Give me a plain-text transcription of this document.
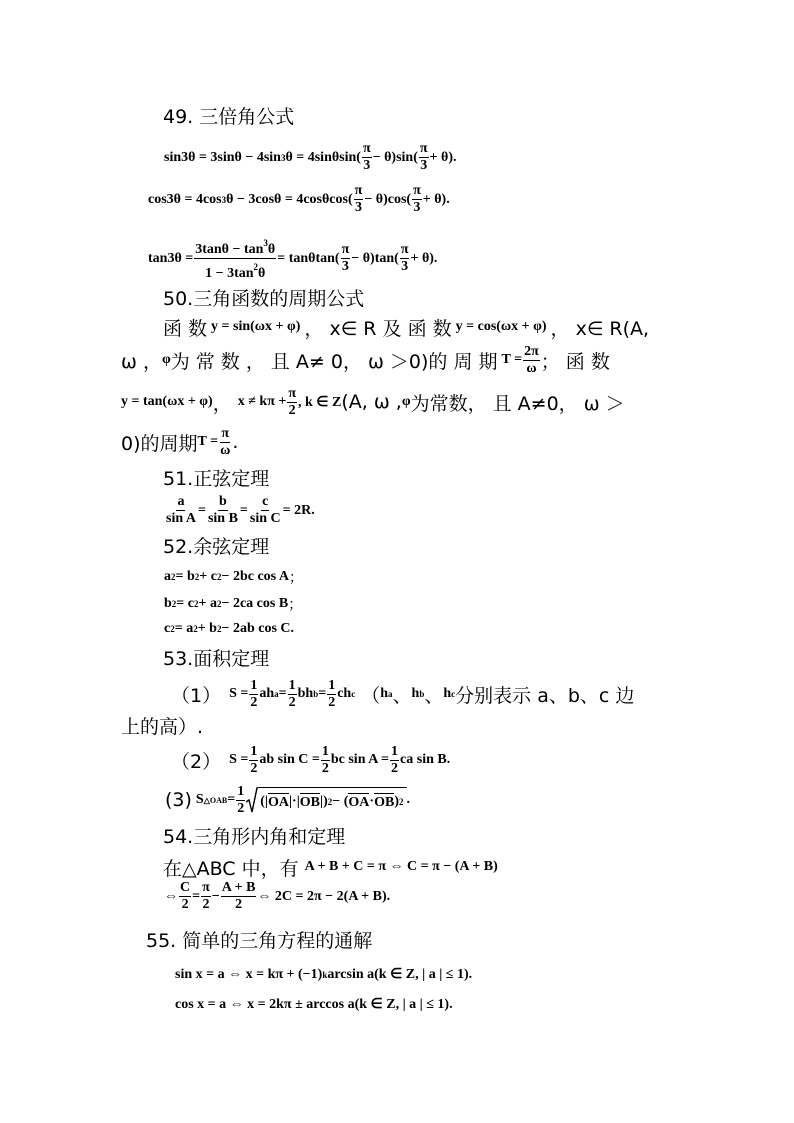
49. 三倍角公式
sin3θ = 3sinθ − 4sin 3 $\theta = 4\sin\theta\sin( \frac{\pi}{3} - \theta)\sin( \frac{\pi}{3} + \theta)$.
cos3θ = 4cos 3 $\theta - 3\cos\theta = 4\cos\theta\cos( \frac{\pi}{3} - \theta)\cos( \frac{\pi}{3} + \theta)$.
$\tan 3\theta = \frac{3\tan\theta - \tan^3\theta}{1 - 3\tan^2\theta} = \tan\theta\tan( \frac{\pi}{3} - \theta)\tan( \frac{\pi}{3} + \theta)$.
50.三角函数的周期公式
函 数 y = sin(ωx + φ) ， x∈ R 及 函 数 y = cos(ωx + φ) ， x∈ R(A,
ω ， φ 为 常 数 ， 且 A≠ 0， ω ＞0)的 周 期 $T = \frac{2\pi}{\omega}$ ； 函 数
y = tan(ωx + φ) ， $x \ne k\pi + \frac{\pi}{2}$ , k ∈ Z (A, ω , φ 为常数， 且 A≠0， ω ＞
0)的周期 $T = \frac{\pi}{\omega}$ .
51.正弦定理
$\frac{a}{\text{sin A}} = \frac{b}{\text{sin B}} = \frac{c}{\text{sin C}} = 2R$.
52.余弦定理
a 2 = b 2 + c 2 − 2bc cos A ；
b 2 = c 2 + a 2 − 2ca cos B ；
c 2 = a 2 + b 2 − 2ab cos C.
53.面积定理
（1） $S = \frac{1}{2}$ ah $a = \frac{1}{2}$ bh $b = \frac{1}{2}$ ch c （ h a 、 h b 、 h c 分别表示 a、b、c 边
上的高）.
（2） $S = \frac{1}{2}$ ab $\sin C = \frac{1}{2}$ bc $\sin A = \frac{1}{2}$ ca sin B.
(3) S △OAB = $\frac{1}{2}$ (| OA |·| OB |) 2 − ( OA · OB ) 2 .
54.三角形内角和定理
在△ABC 中，有 A + B + C = π ⇔ C = π − (A + B)
⇔ $\frac{C}{2} = \frac{\pi}{2} - \frac{A + B}{2}$ ⇔ 2C = 2π − 2(A + B).
55. 简单的三角方程的通解
sin x = a ⇔ x = kπ + (−1) k arcsin a(k ∈ Z, | a | ≤ 1).
cos x = a ⇔ x = 2kπ ± arccos a(k ∈ Z, | a | ≤ 1).
